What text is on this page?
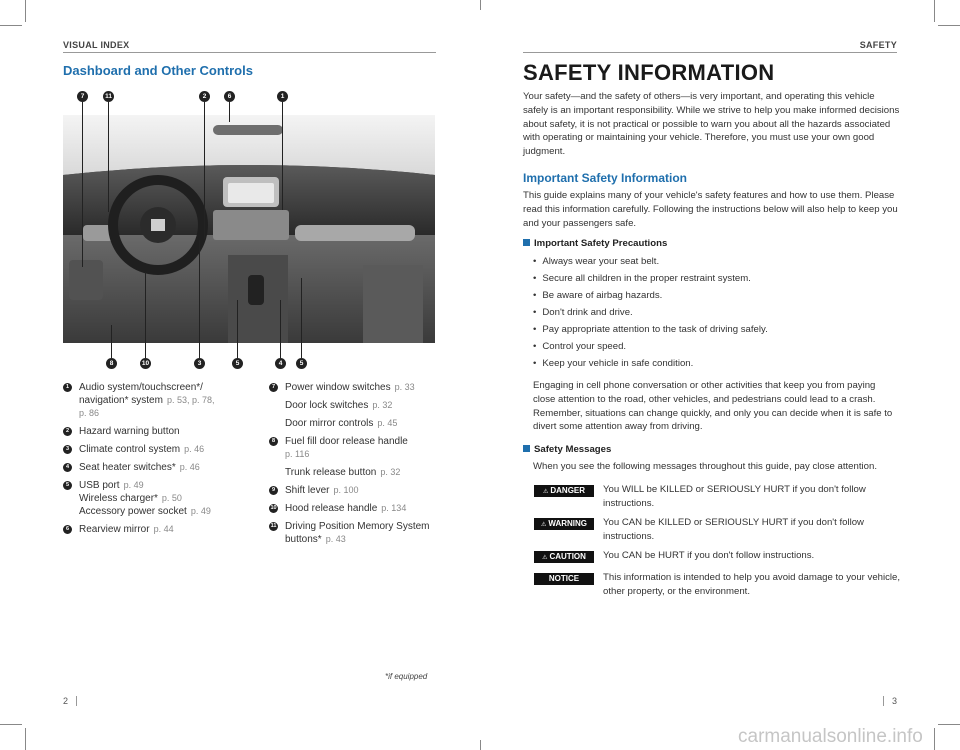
VISUAL INDEX
Dashboard and Other Controls
7	11	2	6	1
8	10	3	5	4	5
1 Audio system/touchscreen*/
navigation* system p. 53, p. 78,
p. 86
2 Hazard warning button
3 Climate control system p. 46
4 Seat heater switches* p. 46
5 USB port p. 49
Wireless charger* p. 50
Accessory power socket p. 49
6 Rearview mirror p. 44
7 Power window switches p. 33
Door lock switches p. 32
Door mirror controls p. 45
8 Fuel fill door release handle
p. 116
Trunk release button p. 32
9 Shift lever p. 100
10 Hood release handle p. 134
11 Driving Position Memory System
buttons* p. 43
*if equipped
2
SAFETY
SAFETY INFORMATION
Your safety—and the safety of others—is very important, and operating this vehicle safely is an important responsibility. While we strive to help you make informed decisions about safety, it is not practical or possible to warn you about all the hazards associated with operating or maintaining your vehicle. Therefore, you must use your own good judgment.
Important Safety Information
This guide explains many of your vehicle's safety features and how to use them. Please read this information carefully. Following the instructions below will also help to keep you and your passengers safe.
Important Safety Precautions
• Always wear your seat belt.
• Secure all children in the proper restraint system.
• Be aware of airbag hazards.
• Don't drink and drive.
• Pay appropriate attention to the task of driving safely.
• Control your speed.
• Keep your vehicle in safe condition.
Engaging in cell phone conversation or other activities that keep you from paying close attention to the road, other vehicles, and pedestrians could lead to a crash. Remember, situations can change quickly, and only you can decide when it is safe to divert some attention away from driving.
Safety Messages
When you see the following messages throughout this guide, pay close attention.
⚠ DANGER	You WILL be KILLED or SERIOUSLY HURT if you don't follow instructions.
⚠ WARNING	You CAN be KILLED or SERIOUSLY HURT if you don't follow instructions.
⚠ CAUTION	You CAN be HURT if you don't follow instructions.
NOTICE	This information is intended to help you avoid damage to your vehicle, other property, or the environment.
3
carmanualsonline.info
